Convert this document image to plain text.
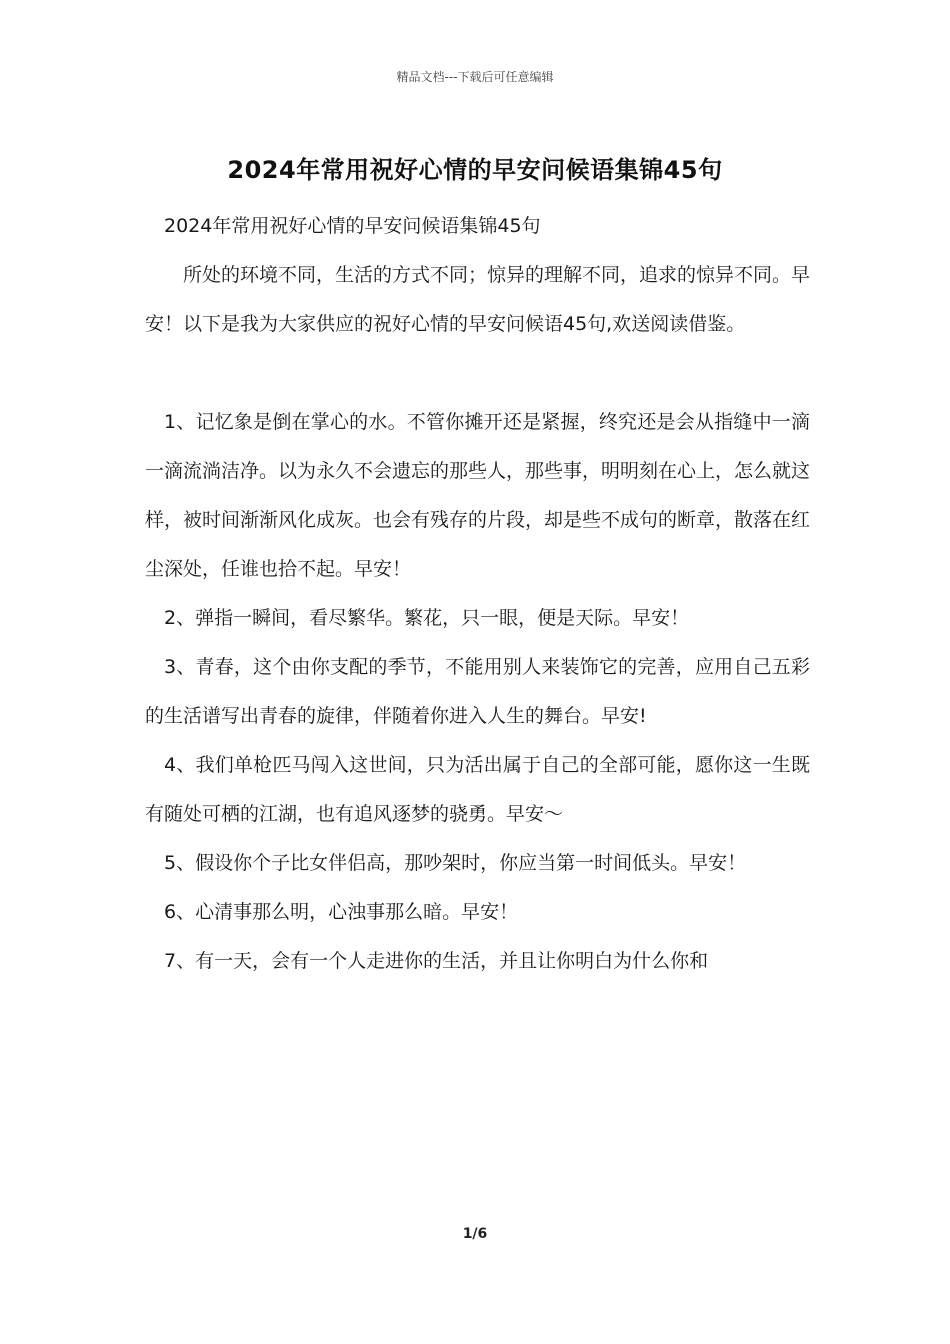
精品文档---下载后可任意编辑
2024年常用祝好心情的早安问候语集锦45句

2024年常用祝好心情的早安问候语集锦45句

所处的环境不同，生活的方式不同；惊异的理解不同，追求的惊异不同。早安！以下是我为大家供应的祝好心情的早安问候语45句,欢送阅读借鉴。

1、记忆象是倒在掌心的水。不管你摊开还是紧握，终究还是会从指缝中一滴一滴流淌洁净。以为永久不会遗忘的那些人，那些事，明明刻在心上，怎么就这样，被时间渐渐风化成灰。也会有残存的片段，却是些不成句的断章，散落在红尘深处，任谁也拾不起。早安！

2、弹指一瞬间，看尽繁华。繁花，只一眼，便是天际。早安！

3、青春，这个由你支配的季节，不能用别人来装饰它的完善，应用自己五彩的生活谱写出青春的旋律，伴随着你进入人生的舞台。早安!

4、我们单枪匹马闯入这世间，只为活出属于自己的全部可能，愿你这一生既有随处可栖的江湖，也有追风逐梦的骁勇。早安～

5、假设你个子比女伴侣高，那吵架时，你应当第一时间低头。早安！

6、心清事那么明，心浊事那么暗。早安！

7、有一天，会有一个人走进你的生活，并且让你明白为什么你和

1/6
